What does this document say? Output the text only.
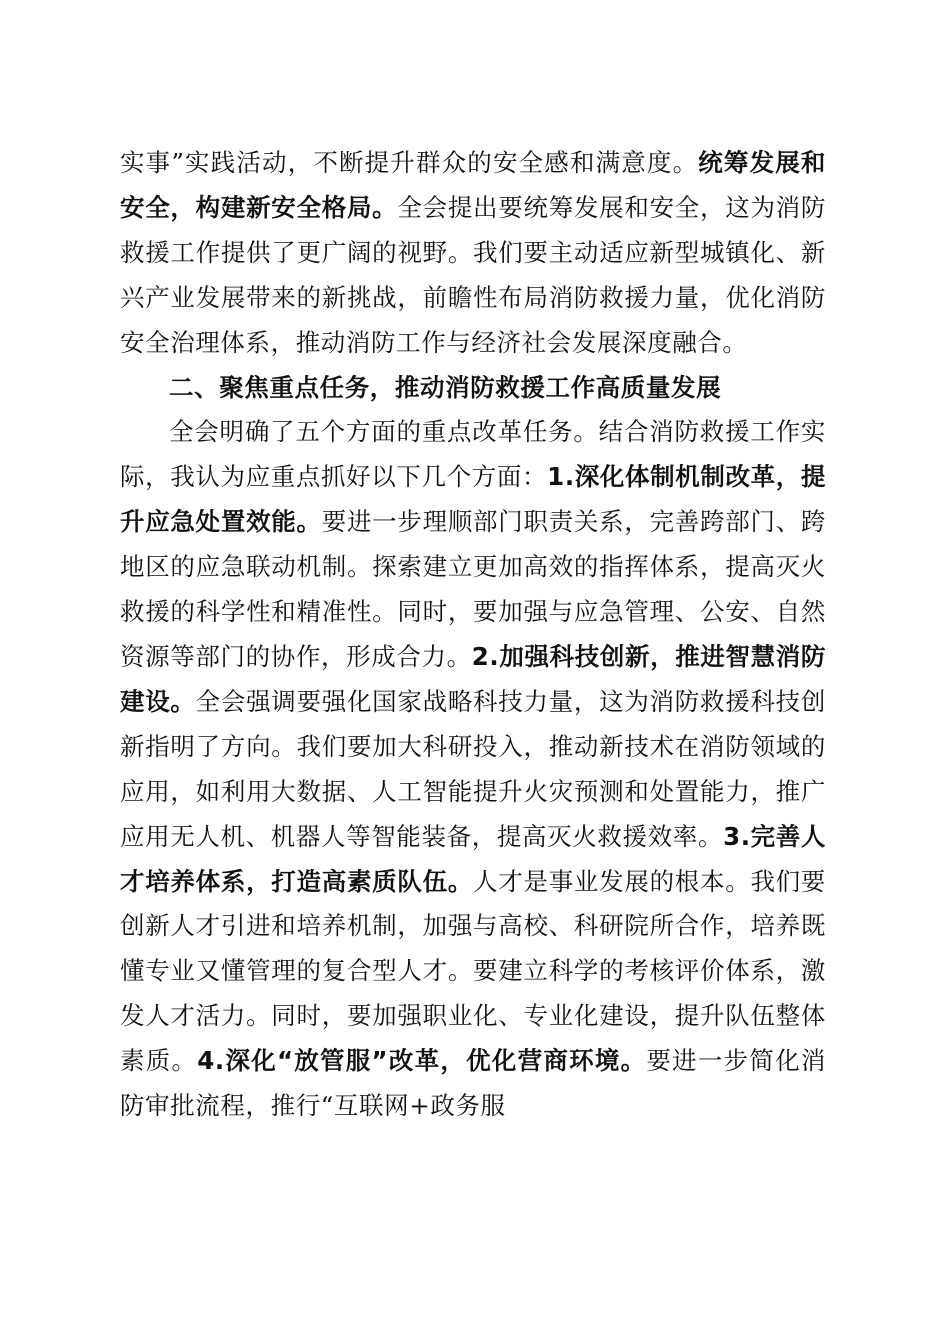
实事”实践活动，不断提升群众的安全感和满意度。统筹发展和安全，构建新安全格局。全会提出要统筹发展和安全，这为消防救援工作提供了更广阔的视野。我们要主动适应新型城镇化、新兴产业发展带来的新挑战，前瞻性布局消防救援力量，优化消防安全治理体系，推动消防工作与经济社会发展深度融合。

二、聚焦重点任务，推动消防救援工作高质量发展

全会明确了五个方面的重点改革任务。结合消防救援工作实际，我认为应重点抓好以下几个方面：1.深化体制机制改革，提升应急处置效能。要进一步理顺部门职责关系，完善跨部门、跨地区的应急联动机制。探索建立更加高效的指挥体系，提高灭火救援的科学性和精准性。同时，要加强与应急管理、公安、自然资源等部门的协作，形成合力。2.加强科技创新，推进智慧消防建设。全会强调要强化国家战略科技力量，这为消防救援科技创新指明了方向。我们要加大科研投入，推动新技术在消防领域的应用，如利用大数据、人工智能提升火灾预测和处置能力，推广应用无人机、机器人等智能装备，提高灭火救援效率。3.完善人才培养体系，打造高素质队伍。人才是事业发展的根本。我们要创新人才引进和培养机制，加强与高校、科研院所合作，培养既懂专业又懂管理的复合型人才。要建立科学的考核评价体系，激发人才活力。同时，要加强职业化、专业化建设，提升队伍整体素质。4.深化“放管服”改革，优化营商环境。要进一步简化消防审批流程，推行“互联网+政务服
